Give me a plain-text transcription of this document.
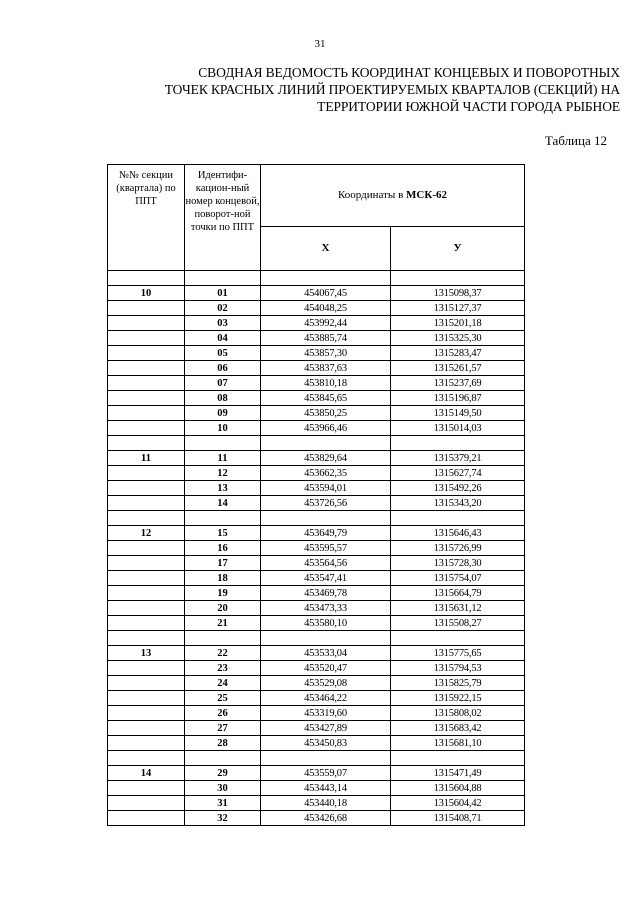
31
СВОДНАЯ ВЕДОМОСТЬ КООРДИНАТ КОНЦЕВЫХ И ПОВОРОТНЫХ
ТОЧЕК КРАСНЫХ ЛИНИЙ ПРОЕКТИРУЕМЫХ КВАРТАЛОВ (СЕКЦИЙ) НА
ТЕРРИТОРИИ ЮЖНОЙ ЧАСТИ ГОРОДА РЫБНОЕ
Таблица 12
№№ секции (квартала) по ППТ	Идентифи-кацион-ный номер концевой, поворот-ной точки по ППТ	Координаты в МСК-62	
		Х	У

10	01	454067,45	1315098,37
	02	454048,25	1315127,37
	03	453992,44	1315201,18
	04	453885,74	1315325,30
	05	453857,30	1315283,47
	06	453837,63	1315261,57
	07	453810,18	1315237,69
	08	453845,65	1315196,87
	09	453850,25	1315149,50
	10	453966,46	1315014,03

11	11	453829,64	1315379,21
	12	453662,35	1315627,74
	13	453594,01	1315492,26
	14	453726,56	1315343,20

12	15	453649,79	1315646,43
	16	453595,57	1315726,99
	17	453564,56	1315728,30
	18	453547,41	1315754,07
	19	453469,78	1315664,79
	20	453473,33	1315631,12
	21	453580,10	1315508,27

13	22	453533,04	1315775,65
	23	453520,47	1315794,53
	24	453529,08	1315825,79
	25	453464,22	1315922,15
	26	453319,60	1315808,02
	27	453427,89	1315683,42
	28	453450,83	1315681,10

14	29	453559,07	1315471,49
	30	453443,14	1315604,88
	31	453440,18	1315604,42
	32	453426,68	1315408,71
